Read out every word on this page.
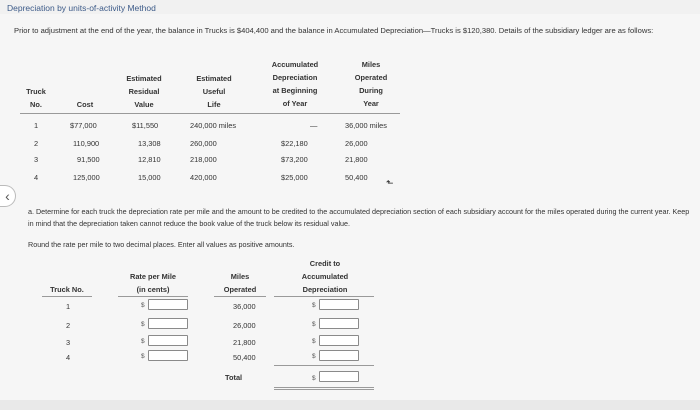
Depreciation by units-of-activity Method
Prior to adjustment at the end of the year, the balance in Trucks is $404,400 and the balance in Accumulated Depreciation—Trucks is $120,380. Details of the subsidiary ledger are as follows:
Truck
No.	Cost
Estimated
Residual
Value
Estimated
Useful
Life
Accumulated
Depreciation
at Beginning
of Year
Miles
Operated
During
Year
1	$77,000	$11,550	240,000 miles	—	36,000 miles
2	110,900	13,308	260,000	$22,180	26,000
3	91,500	12,810	218,000	$73,200	21,800
4	125,000	15,000	420,000	$25,000	50,400
‹
⬑
a. Determine for each truck the depreciation rate per mile and the amount to be credited to the accumulated depreciation section of each subsidiary account for the miles operated during the current year. Keep in mind that the depreciation taken cannot reduce the book value of the truck below its residual value.
Round the rate per mile to two decimal places. Enter all values as positive amounts.
Truck No.
Rate per Mile
(in cents)
Miles
Operated
Credit to
Accumulated
Depreciation
1	$	36,000	$
2	$	26,000	$
3	$	21,800	$
4	$	50,400	$
Total	$
